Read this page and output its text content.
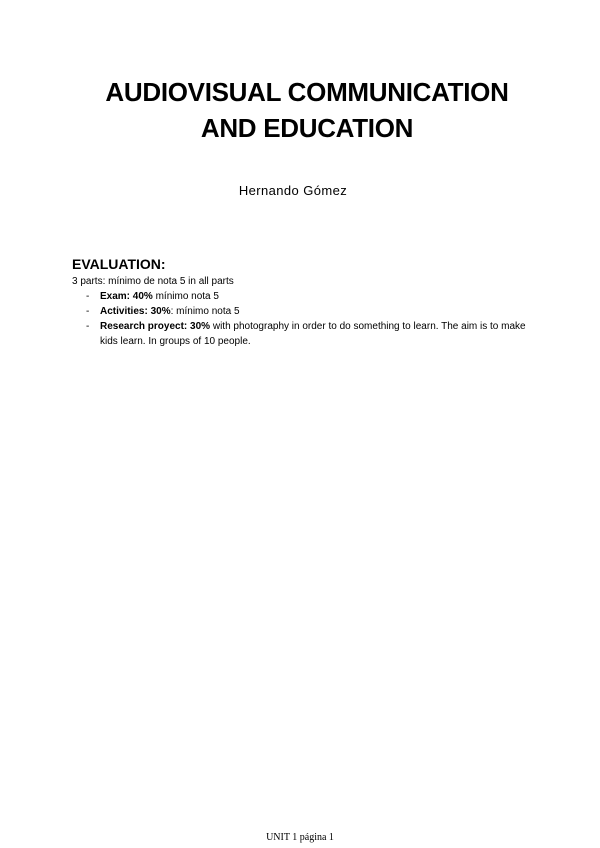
AUDIOVISUAL COMMUNICATION
AND EDUCATION
Hernando Gómez
EVALUATION:
3 parts: mínimo de nota 5 in all parts
- Exam: 40% mínimo nota 5
- Activities: 30%: mínimo nota 5
- Research proyect: 30% with photography in order to do something to learn. The aim is to make kids learn. In groups of 10 people.
UNIT 1 página 1
